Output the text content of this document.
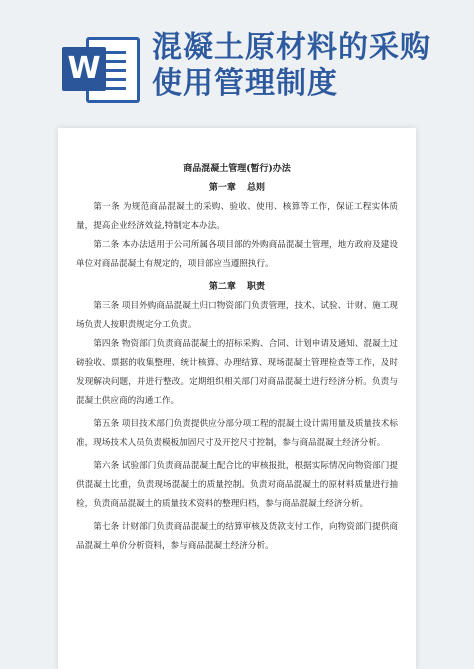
W
混凝土原材料的采购使用管理制度

商品混凝土管理(暂行)办法

第一章 总则

第一条 为规范商品混凝土的采购、验收、使用、核算等工作，保证工程实体质量，提高企业经济效益,特制定本办法。

第二条 本办法适用于公司所属各项目部的外购商品混凝土管理，地方政府及建设单位对商品混凝土有规定的，项目部应当遵照执行。

第二章 职责

第三条 项目外购商品混凝土归口物资部门负责管理，技术、试验、计财、施工现场负责人按职责规定分工负责。

第四条 物资部门负责商品混凝土的招标采购、合同、计划申请及通知、混凝土过磅验收、票据的收集整理、统计核算、办理结算、现场混凝土管理检查等工作，及时发现解决问题，并进行整改。定期组织相关部门对商品混凝土进行经济分析。负责与混凝土供应商的沟通工作。

第五条 项目技术部门负责提供应分部分项工程的混凝土设计需用量及质量技术标准，现场技术人员负责模板加固尺寸及开挖尺寸控制，参与商品混凝土经济分析。

第六条 试验部门负责商品混凝土配合比的审核报批，根据实际情况向物资部门提供混凝土比重，负责现场混凝土的质量控制。负责对商品混凝土的原材料质量进行抽检，负责商品混凝土的质量技术资料的整理归档，参与商品混凝土经济分析。

第七条 计财部门负责商品混凝土的结算审核及货款支付工作，向物资部门提供商品混凝土单价分析资料，参与商品混凝土经济分析。
